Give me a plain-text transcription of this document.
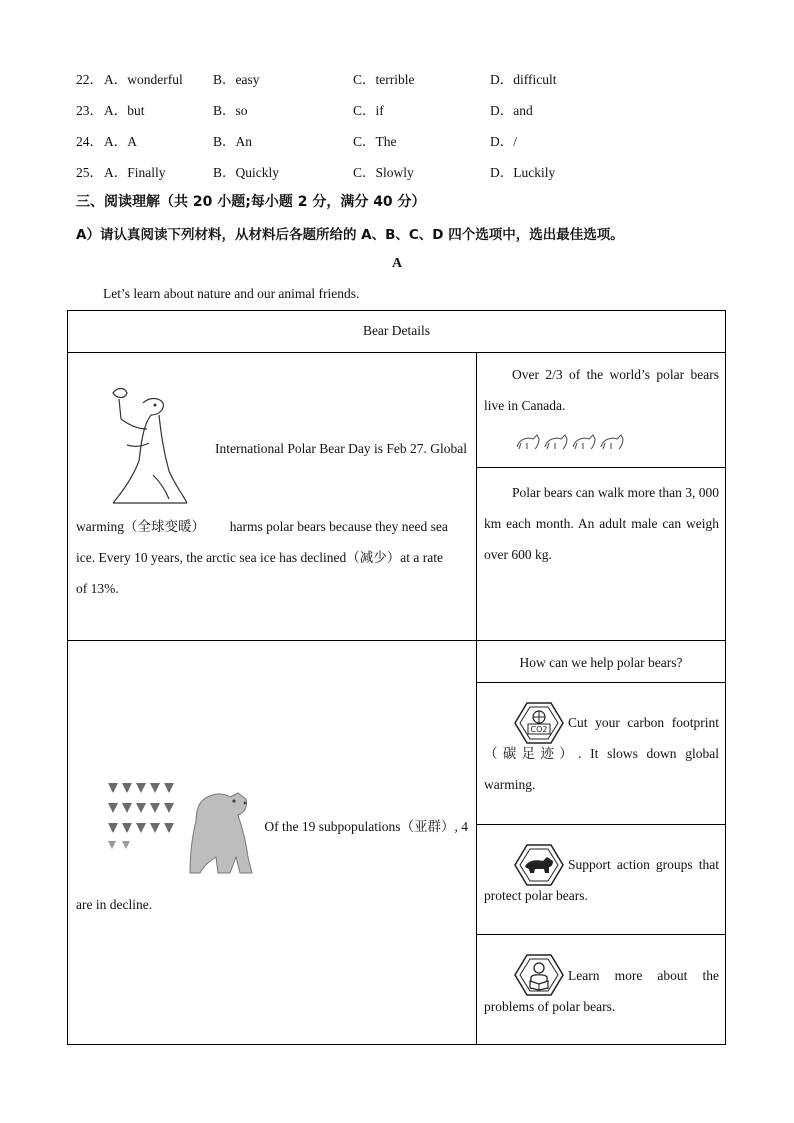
22． A．wonderful B．easy	C．terrible	D．difficult
23． A．but	B．so	C．if	D．and
24． A．A	B．An	C．The	D．/
25． A．Finally	B．Quickly	C．Slowly	D．Luckily
三、阅读理解（共 20 小题;每小题 2 分，满分 40 分）
A）请认真阅读下列材料，从材料后各题所给的 A、B、C、D 四个选项中，选出最佳选项。
A
Let’s learn about nature and our animal friends.
Bear Details
International Polar Bear Day is Feb 27. Global
warming（全球变暖） harms polar bears because they need sea
ice. Every 10 years, the arctic sea ice has declined（减少）at a rate
of 13%.
Over 2/3 of the world’s polar bears live in Canada.
Polar bears can walk more than 3, 000 km each month. An adult male can weigh over 600 kg.
Of the 19 subpopulations（亚群）, 4
are in decline.
How can we help polar bears?
CO2	Cut your carbon footprint （碳足迹）. It slows down global warming.
Support action groups that protect polar bears.
Learn more about the problems of polar bears.
